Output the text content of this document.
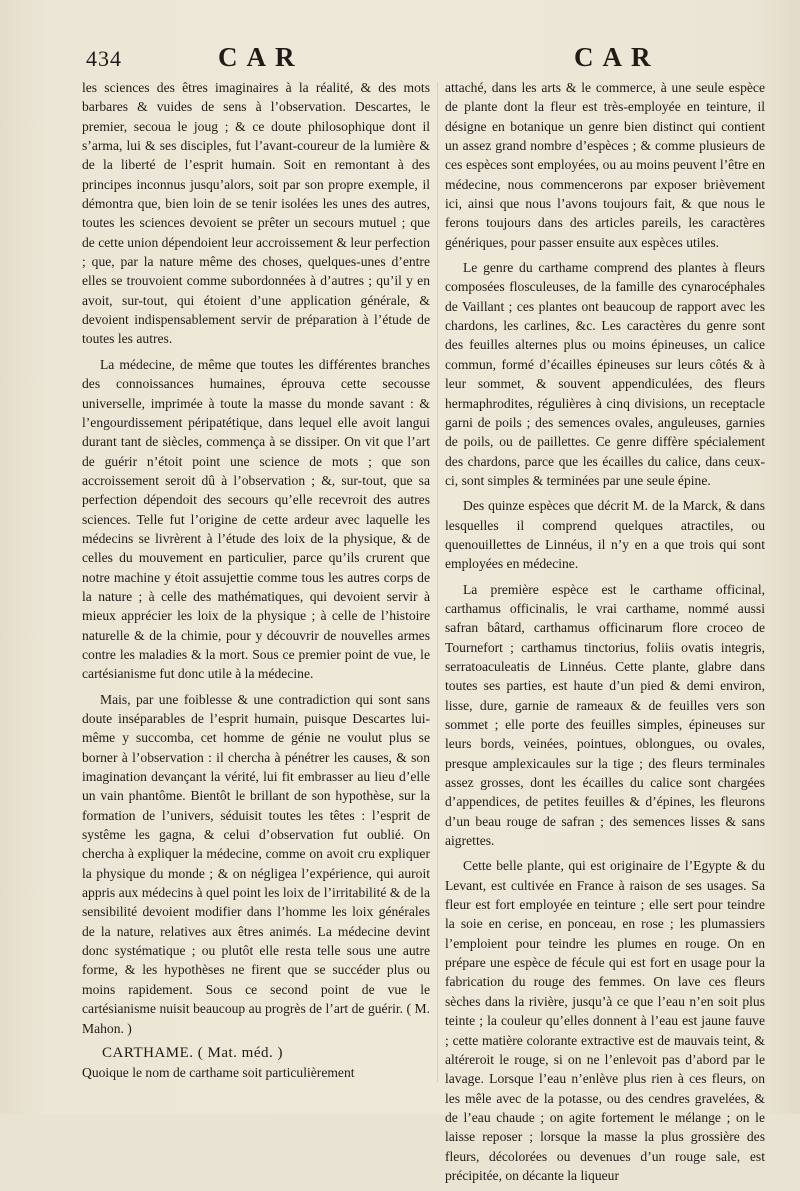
434	CAR	CAR

les sciences des êtres imaginaires à la réalité, & des mots barbares & vuides de sens à l’observation. Descartes, le premier, secoua le joug ; & ce doute philosophique dont il s’arma, lui & ses disciples, fut l’avant-coureur de la lumière & de la liberté de l’esprit humain. Soit en remontant à des principes inconnus jusqu’alors, soit par son propre exemple, il démontra que, bien loin de se tenir isolées les unes des autres, toutes les sciences devoient se prêter un secours mutuel ; que de cette union dépendoient leur accroissement & leur perfection ; que, par la nature même des choses, quelques-unes d’entre elles se trouvoient comme subordonnées à d’autres ; qu’il y en avoit, sur-tout, qui étoient d’une application générale, & devoient indispensablement servir de préparation à l’étude de toutes les autres.

La médecine, de même que toutes les différentes branches des connoissances humaines, éprouva cette secousse universelle, imprimée à toute la masse du monde savant : & l’engourdissement péripatétique, dans lequel elle avoit langui durant tant de siècles, commença à se dissiper. On vit que l’art de guérir n’étoit point une science de mots ; que son accroissement seroit dû à l’observation ; &, sur-tout, que sa perfection dépendoit des secours qu’elle recevroit des autres sciences. Telle fut l’origine de cette ardeur avec laquelle les médecins se livrèrent à l’étude des loix de la physique, & de celles du mouvement en particulier, parce qu’ils crurent que notre machine y étoit assujettie comme tous les autres corps de la nature ; à celle des mathématiques, qui devoient servir à mieux apprécier les loix de la physique ; à celle de l’histoire naturelle & de la chimie, pour y découvrir de nouvelles armes contre les maladies & la mort. Sous ce premier point de vue, le cartésianisme fut donc utile à la médecine.

Mais, par une foiblesse & une contradiction qui sont sans doute inséparables de l’esprit humain, puisque Descartes lui-même y succomba, cet homme de génie ne voulut plus se borner à l’observation : il chercha à pénétrer les causes, & son imagination devançant la vérité, lui fit embrasser au lieu d’elle un vain phantôme. Bientôt le brillant de son hypothèse, sur la formation de l’univers, séduisit toutes les têtes : l’esprit de systême les gagna, & celui d’observation fut oublié. On chercha à expliquer la médecine, comme on avoit cru expliquer la physique du monde ; & on négligea l’expérience, qui auroit appris aux médecins à quel point les loix de l’irritabilité & de la sensibilité devoient modifier dans l’homme les loix générales de la nature, relatives aux êtres animés. La médecine devint donc systématique ; ou plutôt elle resta telle sous une autre forme, & les hypothèses ne firent que se succéder plus ou moins rapidement. Sous ce second point de vue le cartésianisme nuisit beaucoup au progrès de l’art de guérir. ( M. Mahon. )

CARTHAME. ( Mat. méd. )

Quoique le nom de carthame soit particulièrement

attaché, dans les arts & le commerce, à une seule espèce de plante dont la fleur est très-employée en teinture, il désigne en botanique un genre bien distinct qui contient un assez grand nombre d’espèces ; & comme plusieurs de ces espèces sont employées, ou au moins peuvent l’être en médecine, nous commencerons par exposer brièvement ici, ainsi que nous l’avons toujours fait, & que nous le ferons toujours dans des articles pareils, les caractères génériques, pour passer ensuite aux espèces utiles.

Le genre du carthame comprend des plantes à fleurs composées flosculeuses, de la famille des cynarocéphales de Vaillant ; ces plantes ont beaucoup de rapport avec les chardons, les carlines, &c. Les caractères du genre sont des feuilles alternes plus ou moins épineuses, un calice commun, formé d’écailles épineuses sur leurs côtés & à leur sommet, & souvent appendiculées, des fleurs hermaphrodites, régulières à cinq divisions, un receptacle garni de poils ; des semences ovales, anguleuses, garnies de poils, ou de paillettes. Ce genre diffère spécialement des chardons, parce que les écailles du calice, dans ceux-ci, sont simples & terminées par une seule épine.

Des quinze espèces que décrit M. de la Marck, & dans lesquelles il comprend quelques atractiles, ou quenouillettes de Linnéus, il n’y en a que trois qui sont employées en médecine.

La première espèce est le carthame officinal, carthamus officinalis, le vrai carthame, nommé aussi safran bâtard, carthamus officinarum flore croceo de Tournefort ; carthamus tinctorius, foliis ovatis integris, serratoaculeatis de Linnéus. Cette plante, glabre dans toutes ses parties, est haute d’un pied & demi environ, lisse, dure, garnie de rameaux & de feuilles vers son sommet ; elle porte des feuilles simples, épineuses sur leurs bords, veinées, pointues, oblongues, ou ovales, presque amplexicaules sur la tige ; des fleurs terminales assez grosses, dont les écailles du calice sont chargées d’appendices, de petites feuilles & d’épines, les fleurons d’un beau rouge de safran ; des semences lisses & sans aigrettes.

Cette belle plante, qui est originaire de l’Egypte & du Levant, est cultivée en France à raison de ses usages. Sa fleur est fort employée en teinture ; elle sert pour teindre la soie en cerise, en ponceau, en rose ; les plumassiers l’emploient pour teindre les plumes en rouge. On en prépare une espèce de fécule qui est fort en usage pour la fabrication du rouge des femmes. On lave ces fleurs sèches dans la rivière, jusqu’à ce que l’eau n’en soit plus teinte ; la couleur qu’elles donnent à l’eau est jaune fauve ; cette matière colorante extractive est de mauvais teint, & altéreroit le rouge, si on ne l’enlevoit pas d’abord par le lavage. Lorsque l’eau n’enlève plus rien à ces fleurs, on les mêle avec de la potasse, ou des cendres gravelées, & de l’eau chaude ; on agite fortement le mélange ; on le laisse reposer ; lorsque la masse la plus grossière des fleurs, décolorées ou devenues d’un rouge sale, est précipitée, on décante la liqueur
